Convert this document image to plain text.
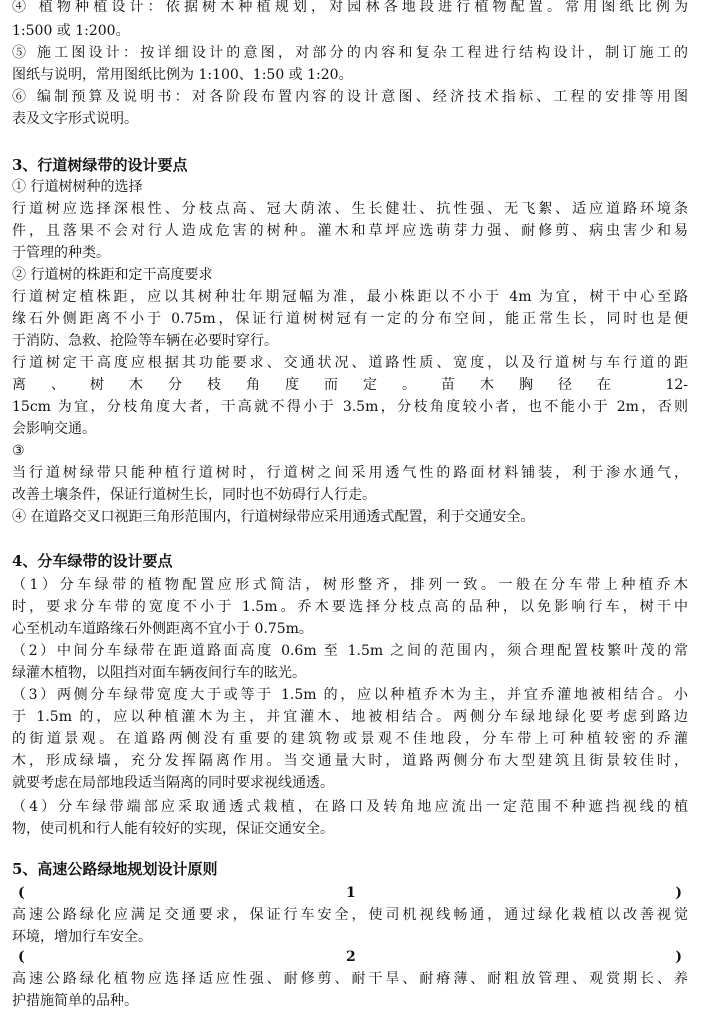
④ 植物种植设计：依据树木种植规划，对园林各地段进行植物配置。常用图纸比例为
1:500 或 1:200。
⑤ 施工图设计：按详细设计的意图，对部分的内容和复杂工程进行结构设计，制订施工的
图纸与说明，常用图纸比例为 1:100、1:50 或 1:20。
⑥ 编制预算及说明书：对各阶段布置内容的设计意图、经济技术指标、工程的安排等用图
表及文字形式说明。
3、行道树绿带的设计要点
① 行道树树种的选择
行道树应选择深根性、分枝点高、冠大荫浓、生长健壮、抗性强、无飞絮、适应道路环境条
件，且落果不会对行人造成危害的树种。灌木和草坪应选萌芽力强、耐修剪、病虫害少和易
于管理的种类。
② 行道树的株距和定干高度要求
行道树定植株距，应以其树种壮年期冠幅为准，最小株距以不小于 4m 为宜，树干中心至路
缘石外侧距离不小于 0.75m，保证行道树树冠有一定的分布空间，能正常生长，同时也是便
于消防、急救、抢险等车辆在必要时穿行。
行道树定干高度应根据其功能要求、交通状况、道路性质、宽度，以及行道树与车行道的距
离、树木分枝角度而定。苗木胸径在 12-
15cm 为宜，分枝角度大者，干高就不得小于 3.5m，分枝角度较小者，也不能小于 2m，否则
会影响交通。
③
当行道树绿带只能种植行道树时，行道树之间采用透气性的路面材料铺装，利于渗水通气，
改善土壤条件，保证行道树生长，同时也不妨碍行人行走。
④ 在道路交叉口视距三角形范围内，行道树绿带应采用通透式配置，利于交通安全。
4、分车绿带的设计要点
（1）分车绿带的植物配置应形式简洁，树形整齐，排列一致。一般在分车带上种植乔木
时，要求分车带的宽度不小于 1.5m。乔木要选择分枝点高的品种，以免影响行车，树干中
心至机动车道路缘石外侧距离不宜小于 0.75m。
（2）中间分车绿带在距道路面高度 0.6m 至 1.5m 之间的范围内，须合理配置枝繁叶茂的常
绿灌木植物，以阻挡对面车辆夜间行车的眩光。
（3）两侧分车绿带宽度大于或等于 1.5m 的，应以种植乔木为主，并宜乔灌地被相结合。小
于 1.5m 的，应以种植灌木为主，并宜灌木、地被相结合。两侧分车绿地绿化要考虑到路边
的街道景观。在道路两侧没有重要的建筑物或景观不佳地段，分车带上可种植较密的乔灌
木，形成绿墙，充分发挥隔离作用。当交通量大时，道路两侧分布大型建筑且街景较佳时，
就要考虑在局部地段适当隔离的同时要求视线通透。
（4）分车绿带端部应采取通透式栽植，在路口及转角地应流出一定范围不种遮挡视线的植
物，使司机和行人能有较好的实现，保证交通安全。
5、高速公路绿地规划设计原则
(	1	)
高速公路绿化应满足交通要求，保证行车安全，使司机视线畅通，通过绿化栽植以改善视觉
环境，增加行车安全。
(	2	)
高速公路绿化植物应选择适应性强、耐修剪、耐干旱、耐瘠薄、耐粗放管理、观赏期长、养
护措施简单的品种。
